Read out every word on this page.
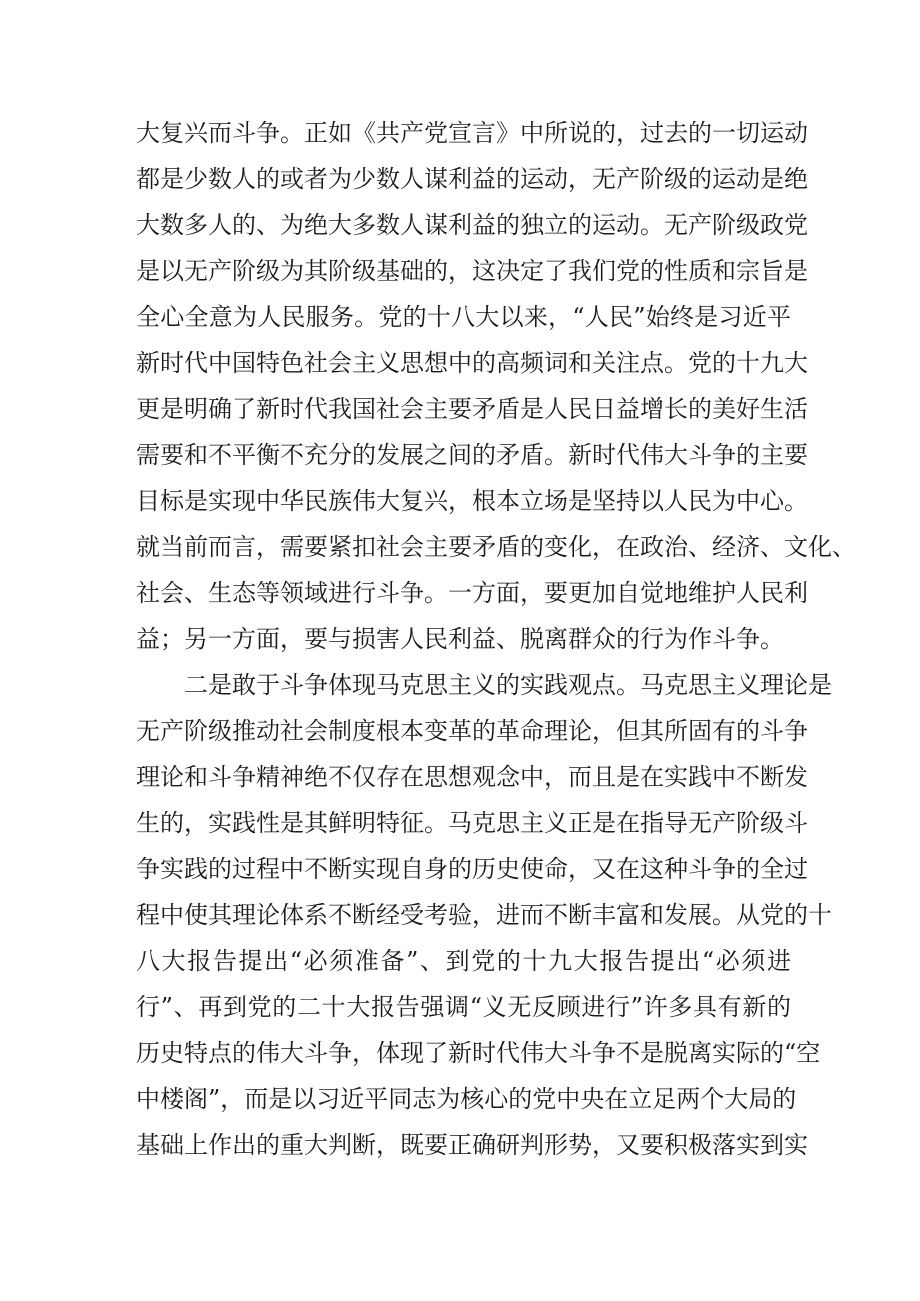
大复兴而斗争。正如《共产党宣言》中所说的，过去的一切运动
都是少数人的或者为少数人谋利益的运动，无产阶级的运动是绝
大数多人的、为绝大多数人谋利益的独立的运动。无产阶级政党
是以无产阶级为其阶级基础的，这决定了我们党的性质和宗旨是
全心全意为人民服务。党的十八大以来，“人民”始终是习近平
新时代中国特色社会主义思想中的高频词和关注点。党的十九大
更是明确了新时代我国社会主要矛盾是人民日益增长的美好生活
需要和不平衡不充分的发展之间的矛盾。新时代伟大斗争的主要
目标是实现中华民族伟大复兴，根本立场是坚持以人民为中心。
就当前而言，需要紧扣社会主要矛盾的变化，在政治、经济、文化、
社会、生态等领域进行斗争。一方面，要更加自觉地维护人民利
益；另一方面，要与损害人民利益、脱离群众的行为作斗争。
　　二是敢于斗争体现马克思主义的实践观点。马克思主义理论是
无产阶级推动社会制度根本变革的革命理论，但其所固有的斗争
理论和斗争精神绝不仅存在思想观念中，而且是在实践中不断发
生的，实践性是其鲜明特征。马克思主义正是在指导无产阶级斗
争实践的过程中不断实现自身的历史使命，又在这种斗争的全过
程中使其理论体系不断经受考验，进而不断丰富和发展。从党的十
八大报告提出“必须准备”、到党的十九大报告提出“必须进
行”、再到党的二十大报告强调“义无反顾进行”许多具有新的
历史特点的伟大斗争，体现了新时代伟大斗争不是脱离实际的“空
中楼阁”，而是以习近平同志为核心的党中央在立足两个大局的
基础上作出的重大判断，既要正确研判形势，又要积极落实到实
